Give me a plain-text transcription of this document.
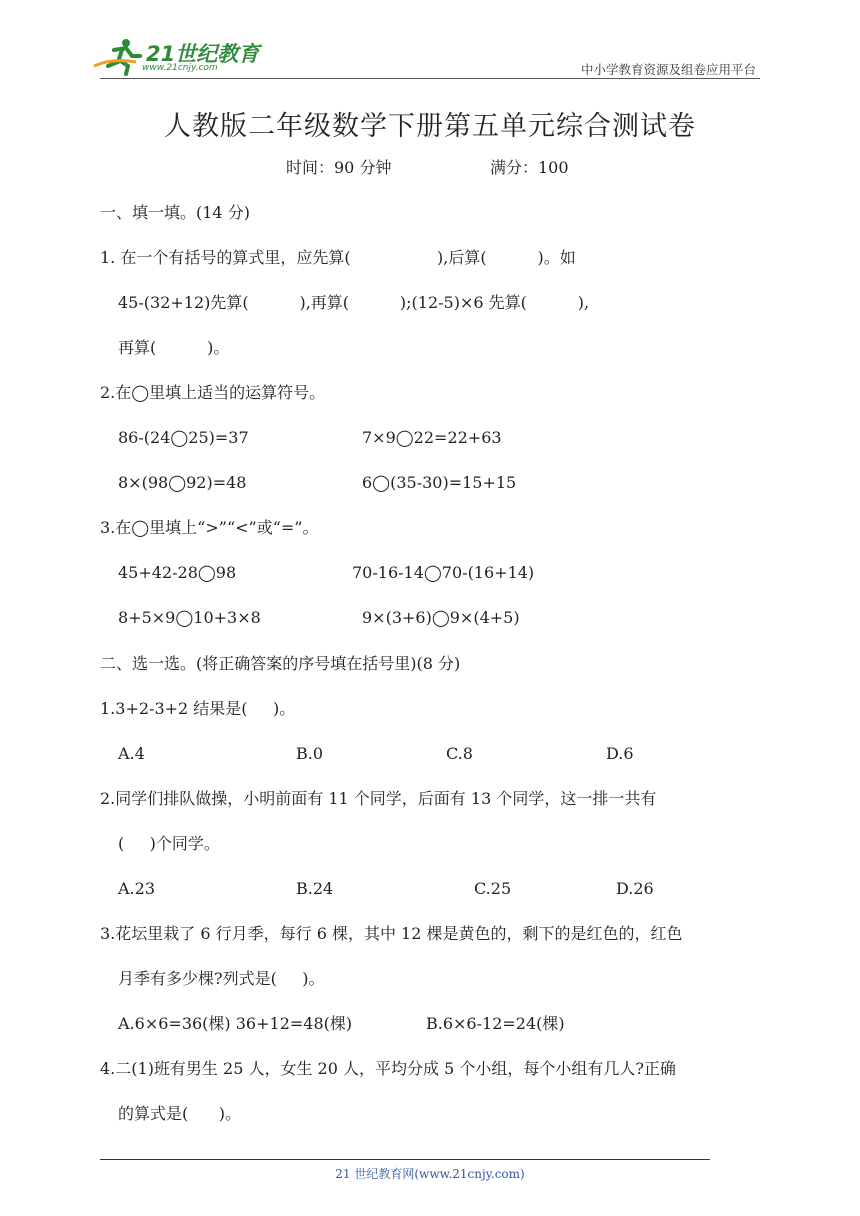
21世纪教育
www.21cnjy.com	中小学教育资源及组卷应用平台
人教版二年级数学下册第五单元综合测试卷
时间：90 分钟	满分：100
一、填一填。(14 分)
1. 在一个有括号的算式里，应先算(                 ),后算(          )。如
45-(32+12)先算(          ),再算(          );(12-5)×6 先算(          ),
再算(          )。
2.在◯里填上适当的运算符号。
86-(24◯25)=37	7×9◯22=22+63
8×(98◯92)=48	6◯(35-30)=15+15
3.在◯里填上“>”“<”或“=”。
45+42-28◯98	70-16-14◯70-(16+14)
8+5×9◯10+3×8	9×(3+6)◯9×(4+5)
二、选一选。(将正确答案的序号填在括号里)(8 分)
1.3+2-3+2 结果是(     )。
A.4	B.0	C.8	D.6
2.同学们排队做操，小明前面有 11 个同学，后面有 13 个同学，这一排一共有
(     )个同学。
A.23	B.24	C.25	D.26
3.花坛里栽了 6 行月季，每行 6 棵，其中 12 棵是黄色的，剩下的是红色的，红色
月季有多少棵?列式是(     )。
A.6×6=36(棵) 36+12=48(棵)	B.6×6-12=24(棵)
4.二(1)班有男生 25 人，女生 20 人，平均分成 5 个小组，每个小组有几人?正确
的算式是(      )。
21 世纪教育网(www.21cnjy.com)
